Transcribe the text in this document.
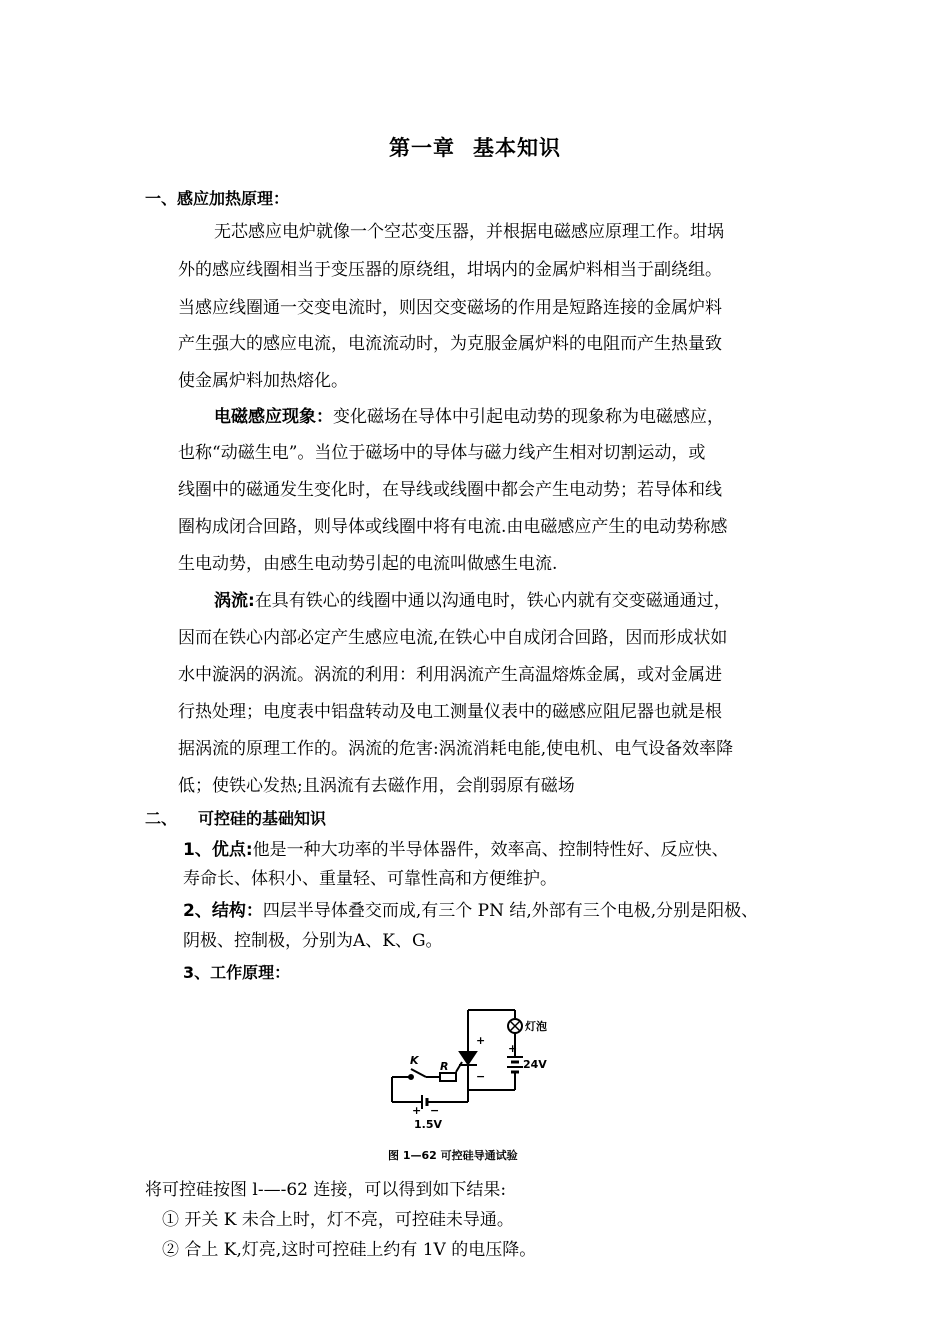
第一章 基本知识
一、感应加热原理：
无芯感应电炉就像一个空芯变压器，并根据电磁感应原理工作。坩埚
外的感应线圈相当于变压器的原绕组，坩埚内的金属炉料相当于副绕组。
当感应线圈通一交变电流时，则因交变磁场的作用是短路连接的金属炉料
产生强大的感应电流，电流流动时，为克服金属炉料的电阻而产生热量致
使金属炉料加热熔化。
电磁感应现象：变化磁场在导体中引起电动势的现象称为电磁感应，
也称“动磁生电”。当位于磁场中的导体与磁力线产生相对切割运动，或
线圈中的磁通发生变化时，在导线或线圈中都会产生电动势；若导体和线
圈构成闭合回路，则导体或线圈中将有电流.由电磁感应产生的电动势称感
生电动势，由感生电动势引起的电流叫做感生电流.
涡流:在具有铁心的线圈中通以沟通电时，铁心内就有交变磁通通过，
因而在铁心内部必定产生感应电流,在铁心中自成闭合回路，因而形成状如
水中漩涡的涡流。涡流的利用：利用涡流产生高温熔炼金属，或对金属进
行热处理；电度表中铝盘转动及电工测量仪表中的磁感应阻尼器也就是根
据涡流的原理工作的。涡流的危害:涡流消耗电能,使电机、电气设备效率降
低；使铁心发热;且涡流有去磁作用，会削弱原有磁场
二、 可控硅的基础知识
1、优点:他是一种大功率的半导体器件，效率高、控制特性好、反应快、
寿命长、体积小、重量轻、可靠性高和方便维护。
2、结构：四层半导体叠交而成,有三个 PN 结,外部有三个电极,分别是阳极、
阴极、控制极，分别为A、K、G。
3、工作原理：
灯泡
24V
+
+
−
K R
+ −
1.5V
图 1—62 可控硅导通试验
将可控硅按图 l-—-62 连接，可以得到如下结果:
① 开关 K 未合上时，灯不亮，可控硅未导通。
② 合上 K,灯亮,这时可控硅上约有 1V 的电压降。
